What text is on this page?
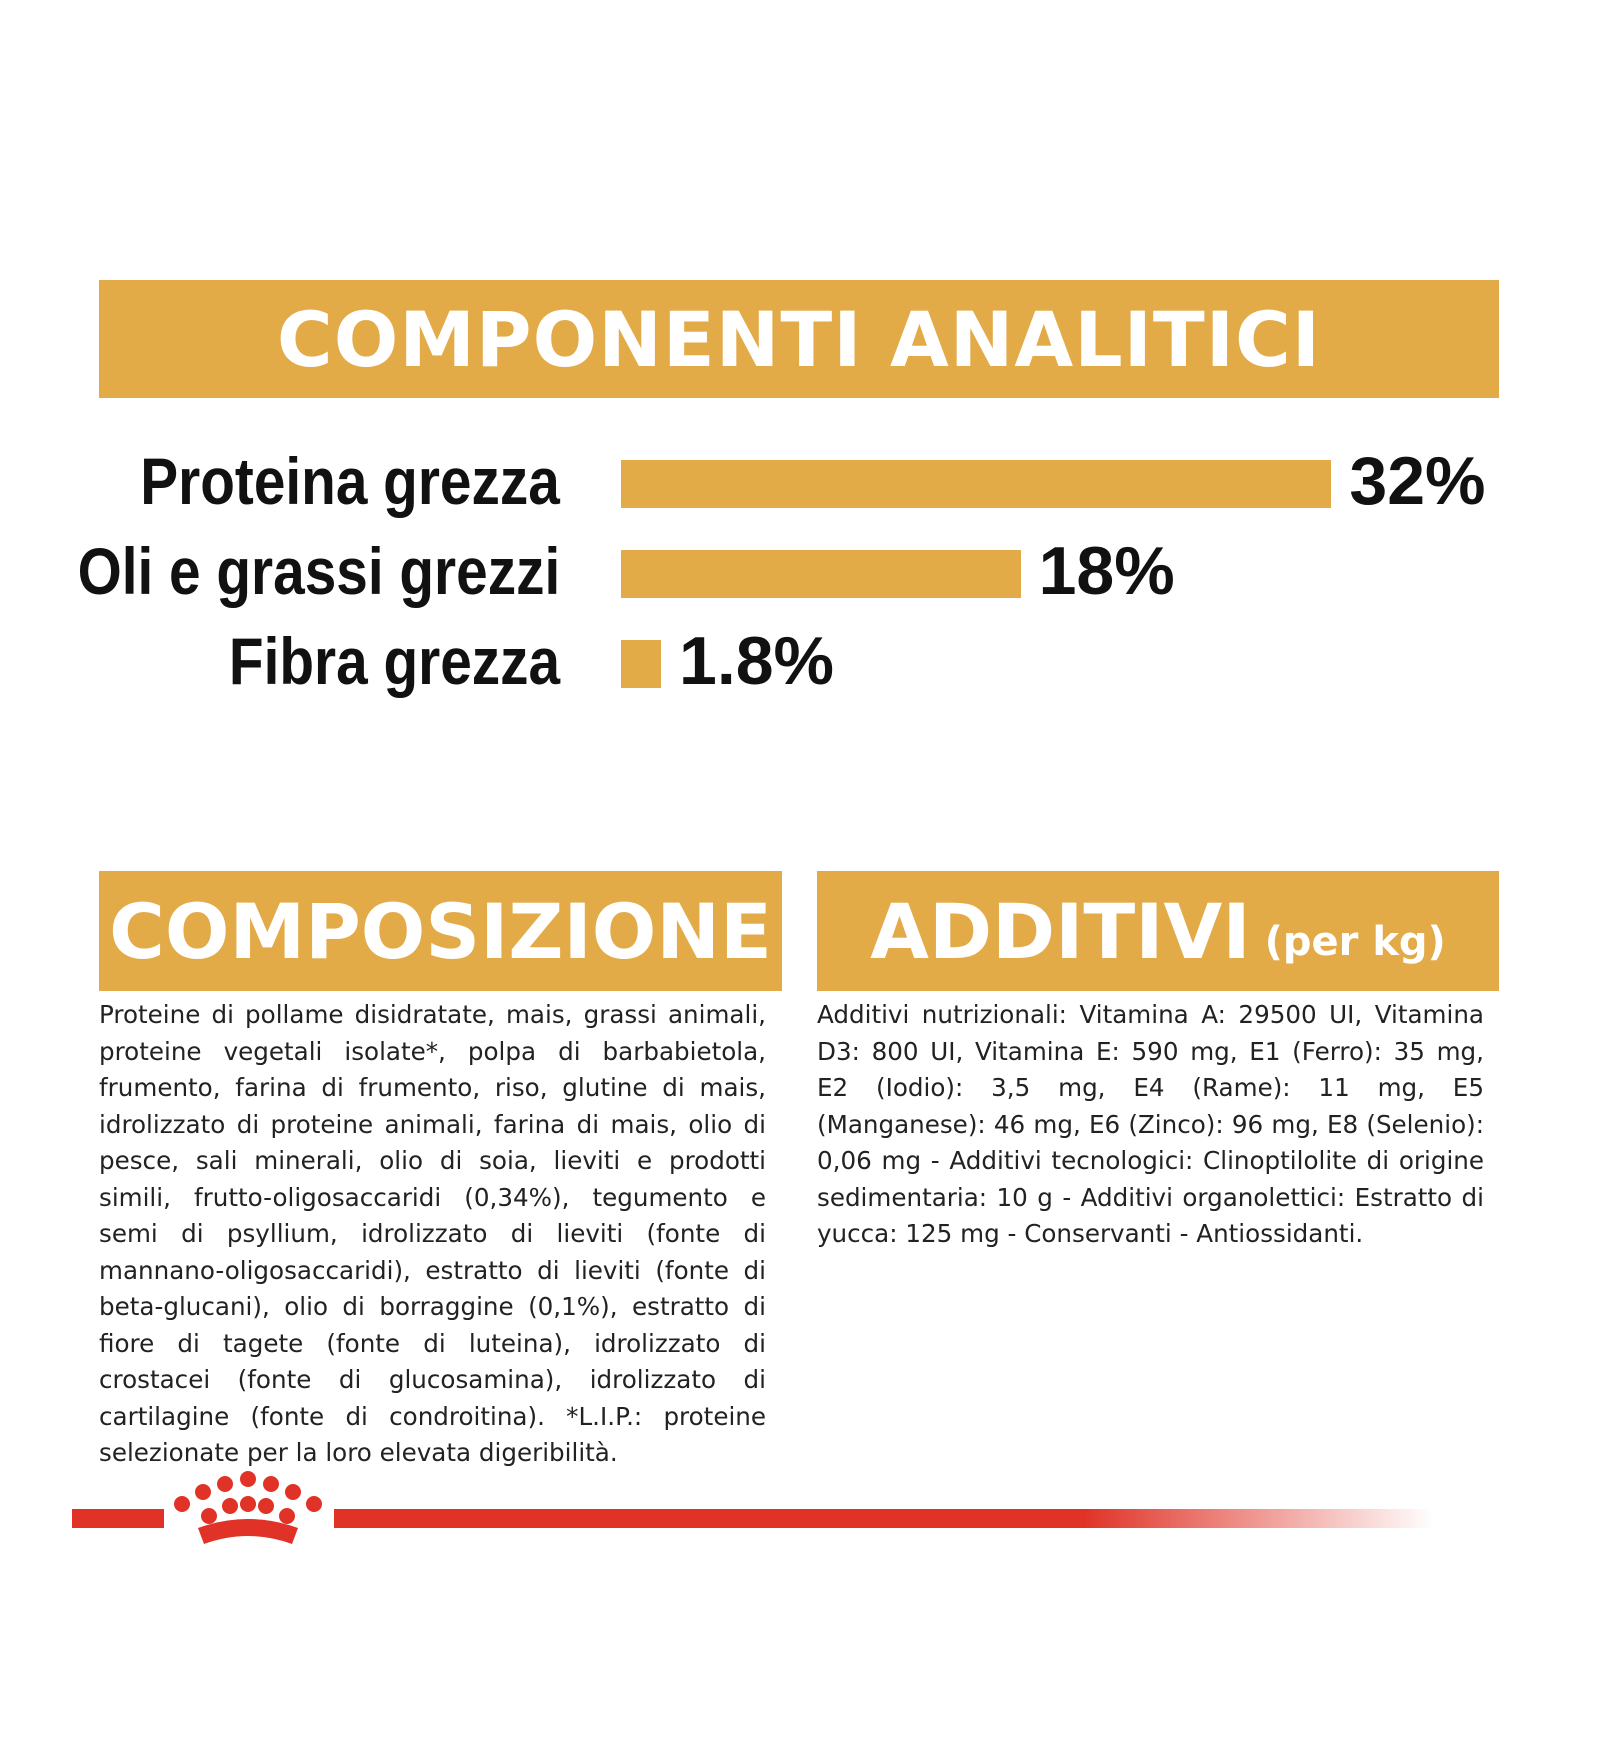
COMPONENTI ANALITICI
Proteina grezza	32%
Oli e grassi grezzi	18%
Fibra grezza 1.8%
COMPOSIZIONE

Proteine di pollame disidratate, mais, grassi animali, proteine vegetali isolate*, polpa di barbabietola, frumento, farina di frumento, riso, glutine di mais, idrolizzato di proteine animali, farina di mais, olio di pesce, sali minerali, olio di soia, lieviti e prodotti simili, frutto-oligosaccaridi (0,34%), tegumento e semi di psyllium, idrolizzato di lieviti (fonte di mannano-oligosaccaridi), estratto di lieviti (fonte di beta-glucani), olio di borraggine (0,1%), estratto di fiore di tagete (fonte di luteina), idrolizzato di crostacei (fonte di glucosamina), idrolizzato di cartilagine (fonte di condroitina). *L.I.P.: proteine selezionate per la loro elevata digeribilità.

ADDITIVI (per kg)

Additivi nutrizionali: Vitamina A: 29500 UI, Vitamina D3: 800 UI, Vitamina E: 590 mg, E1 (Ferro): 35 mg, E2 (Iodio): 3,5 mg, E4 (Rame): 11 mg, E5 (Manganese): 46 mg, E6 (Zinco): 96 mg, E8 (Selenio): 0,06 mg - Additivi tecnologici: Clinoptilolite di origine sedimentaria: 10 g - Additivi organolettici: Estratto di yucca: 125 mg - Conservanti - Antiossidanti.
